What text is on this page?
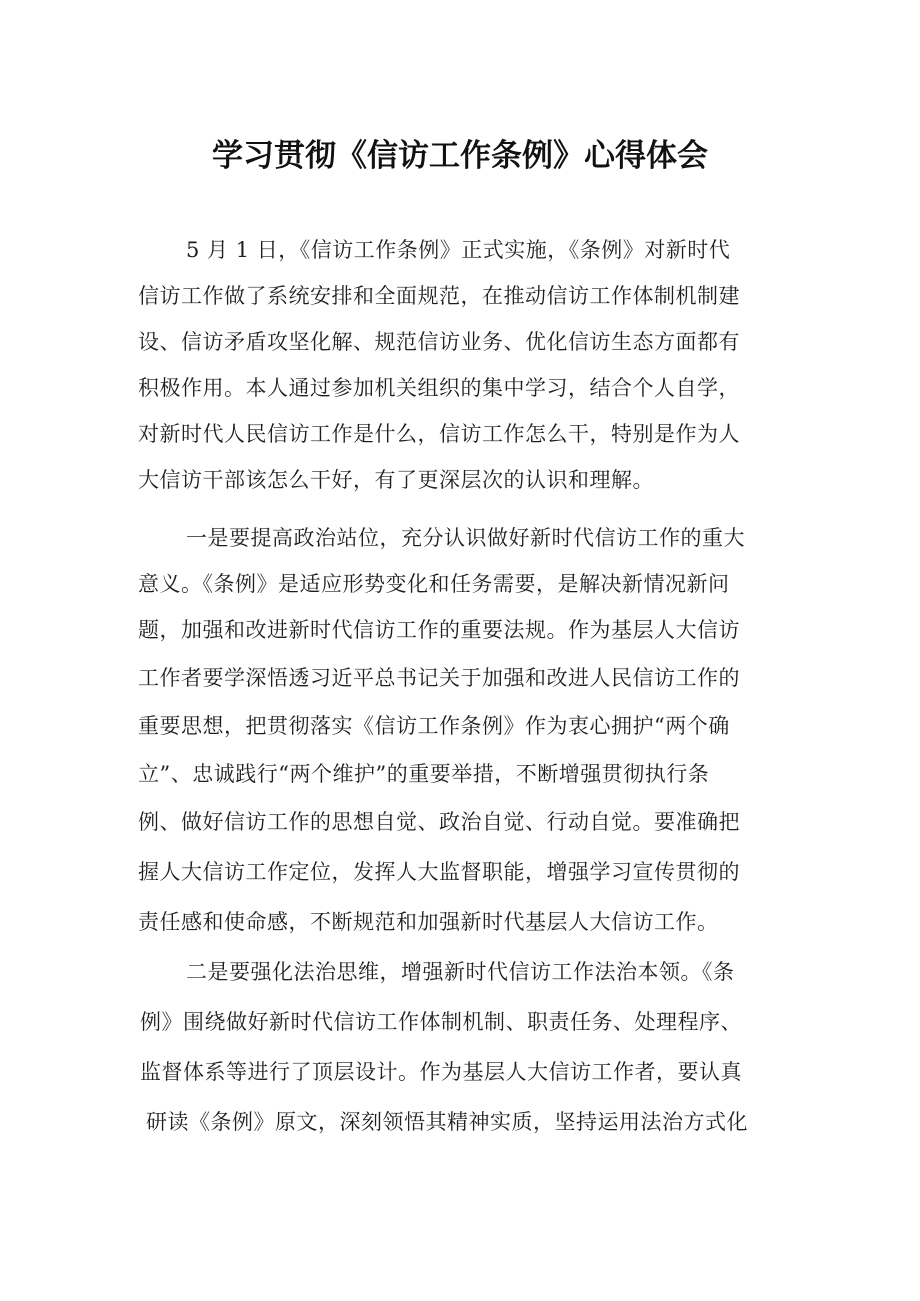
学习贯彻《信访工作条例》心得体会
5 月 1 日，《信访工作条例》正式实施，《条例》对新时代
信访工作做了系统安排和全面规范，在推动信访工作体制机制建
设、信访矛盾攻坚化解、规范信访业务、优化信访生态方面都有
积极作用。本人通过参加机关组织的集中学习，结合个人自学，
对新时代人民信访工作是什么，信访工作怎么干，特别是作为人
大信访干部该怎么干好，有了更深层次的认识和理解。
一是要提高政治站位，充分认识做好新时代信访工作的重大
意义。《条例》是适应形势变化和任务需要，是解决新情况新问
题，加强和改进新时代信访工作的重要法规。作为基层人大信访
工作者要学深悟透习近平总书记关于加强和改进人民信访工作的
重要思想，把贯彻落实《信访工作条例》作为衷心拥护“两个确
立”、忠诚践行“两个维护”的重要举措，不断增强贯彻执行条
例、做好信访工作的思想自觉、政治自觉、行动自觉。要准确把
握人大信访工作定位，发挥人大监督职能，增强学习宣传贯彻的
责任感和使命感，不断规范和加强新时代基层人大信访工作。
二是要强化法治思维，增强新时代信访工作法治本领。《条
例》围绕做好新时代信访工作体制机制、职责任务、处理程序、
监督体系等进行了顶层设计。作为基层人大信访工作者，要认真
研读《条例》原文，深刻领悟其精神实质，坚持运用法治方式化
